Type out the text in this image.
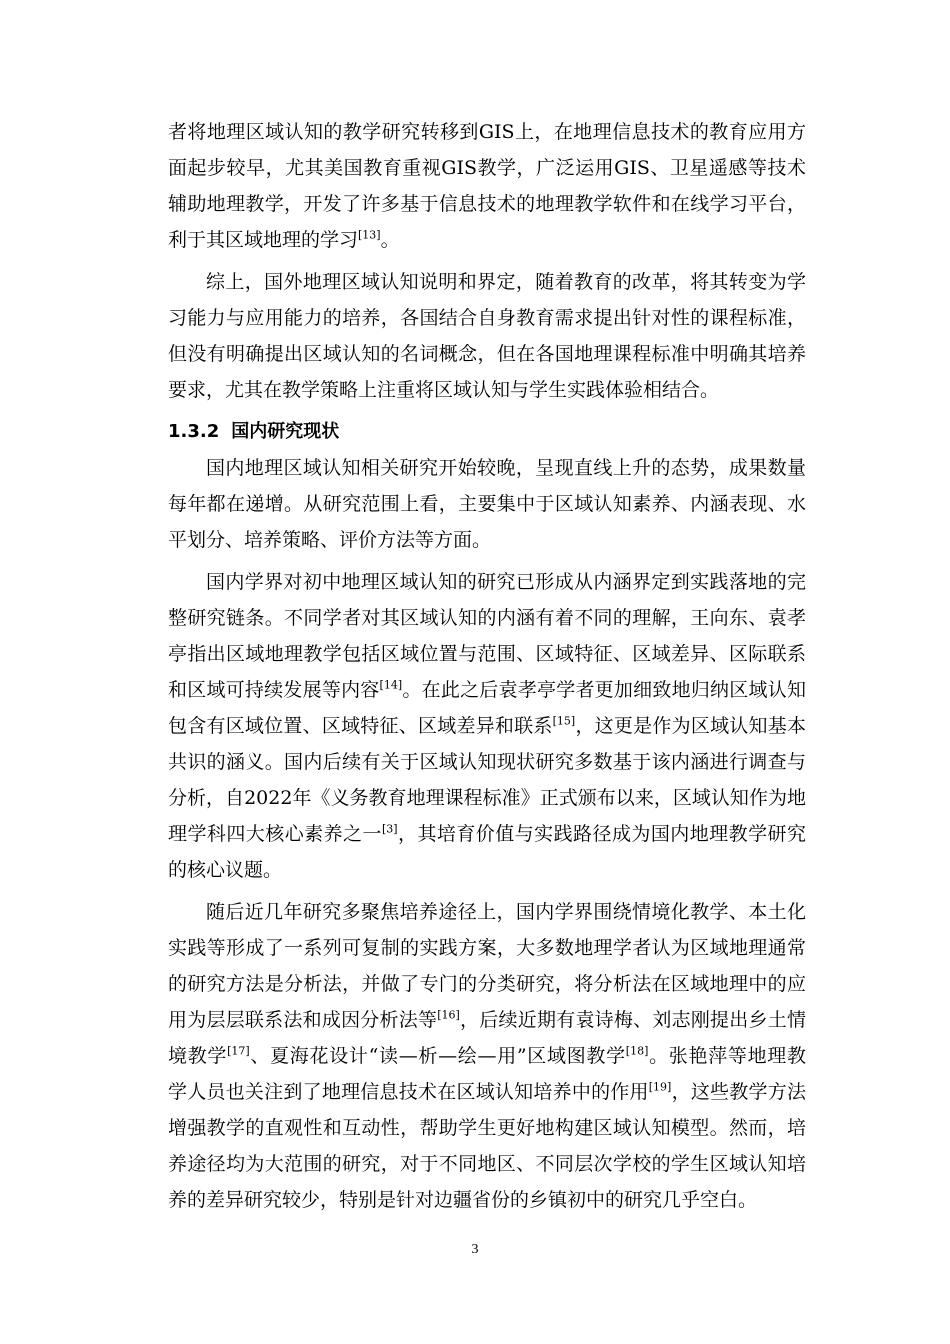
者将地理区域认知的教学研究转移到GIS上，在地理信息技术的教育应用方
面起步较早，尤其美国教育重视GIS教学，广泛运用GIS、卫星遥感等技术
辅助地理教学，开发了许多基于信息技术的地理教学软件和在线学习平台，
利于其区域地理的学习[13]。
综上，国外地理区域认知说明和界定，随着教育的改革，将其转变为学
习能力与应用能力的培养，各国结合自身教育需求提出针对性的课程标准，
但没有明确提出区域认知的名词概念，但在各国地理课程标准中明确其培养
要求，尤其在教学策略上注重将区域认知与学生实践体验相结合。
1.3.2 国内研究现状
国内地理区域认知相关研究开始较晚，呈现直线上升的态势，成果数量
每年都在递增。从研究范围上看，主要集中于区域认知素养、内涵表现、水
平划分、培养策略、评价方法等方面。
国内学界对初中地理区域认知的研究已形成从内涵界定到实践落地的完
整研究链条。不同学者对其区域认知的内涵有着不同的理解，王向东、袁孝
亭指出区域地理教学包括区域位置与范围、区域特征、区域差异、区际联系
和区域可持续发展等内容[14]。在此之后袁孝亭学者更加细致地归纳区域认知
包含有区域位置、区域特征、区域差异和联系[15]，这更是作为区域认知基本
共识的涵义。国内后续有关于区域认知现状研究多数基于该内涵进行调查与
分析，自2022年《义务教育地理课程标准》正式颁布以来，区域认知作为地
理学科四大核心素养之一[3]，其培育价值与实践路径成为国内地理教学研究
的核心议题。
随后近几年研究多聚焦培养途径上，国内学界围绕情境化教学、本土化
实践等形成了一系列可复制的实践方案，大多数地理学者认为区域地理通常
的研究方法是分析法，并做了专门的分类研究，将分析法在区域地理中的应
用为层层联系法和成因分析法等[16]，后续近期有袁诗梅、刘志刚提出乡土情
境教学[17]、夏海花设计“读—析—绘—用”区域图教学[18]。张艳萍等地理教
学人员也关注到了地理信息技术在区域认知培养中的作用[19]，这些教学方法
增强教学的直观性和互动性，帮助学生更好地构建区域认知模型。然而，培
养途径均为大范围的研究，对于不同地区、不同层次学校的学生区域认知培
养的差异研究较少，特别是针对边疆省份的乡镇初中的研究几乎空白。
3
